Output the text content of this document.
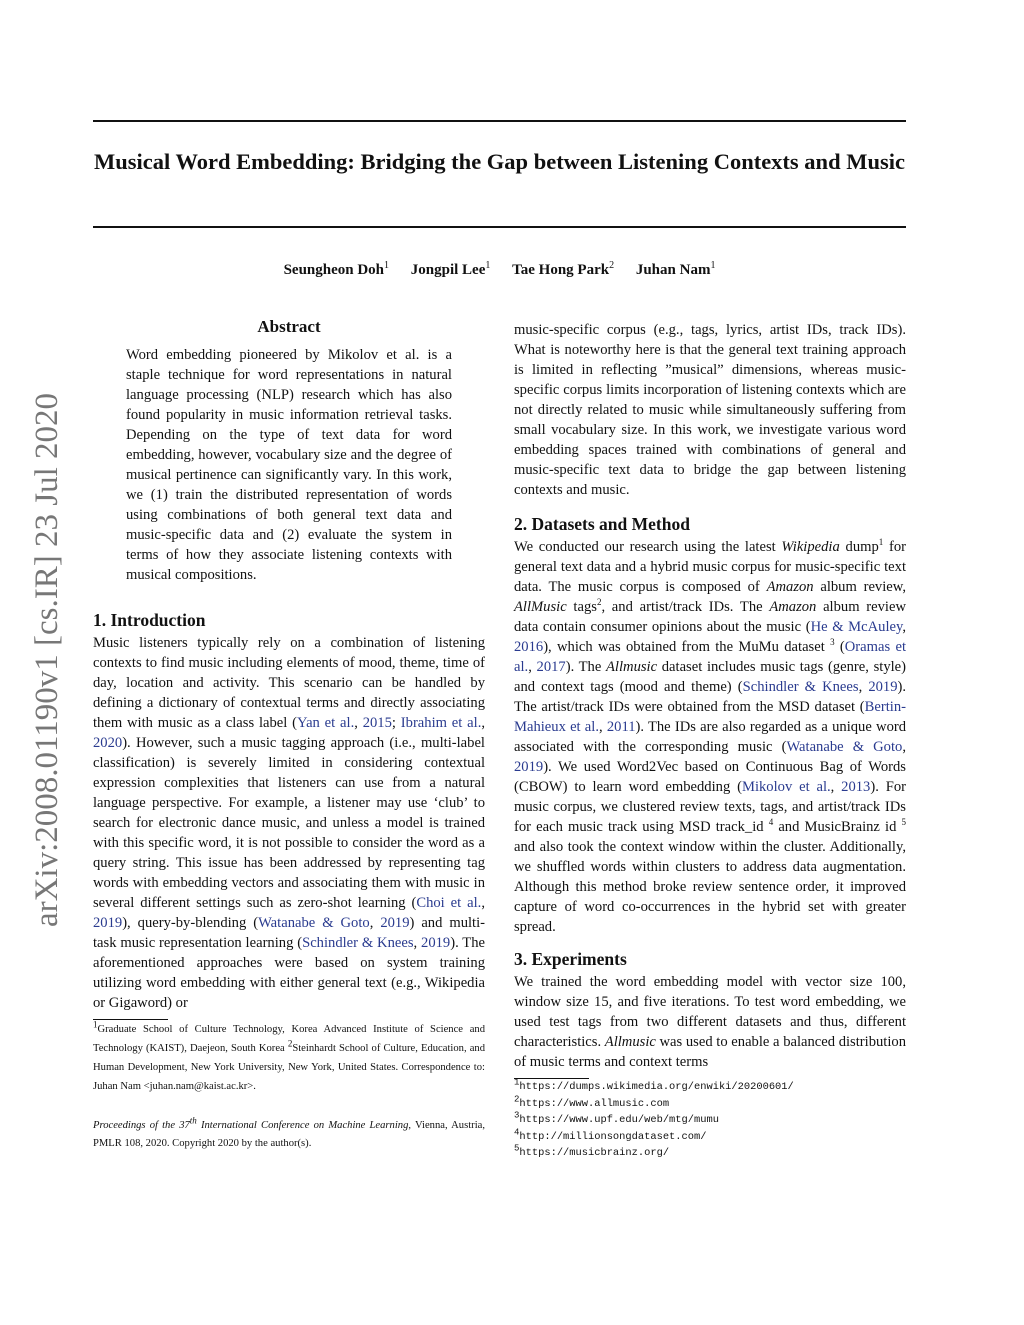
Musical Word Embedding: Bridging the Gap between Listening Contexts and Music
Seungheon Doh$^1$ Jongpil Lee$^1$ Tae Hong Park$^2$ Juhan Nam$^1$
arXiv:2008.01190v1 [cs.IR] 23 Jul 2020

Abstract

Word embedding pioneered by Mikolov et al. is a staple technique for word representations in natural language processing (NLP) research which has also found popularity in music information retrieval tasks. Depending on the type of text data for word embedding, however, vocabulary size and the degree of musical pertinence can significantly vary. In this work, we (1) train the distributed representation of words using combinations of both general text data and music-specific data and (2) evaluate the system in terms of how they associate listening contexts with musical compositions.

1. Introduction

Music listeners typically rely on a combination of listening contexts to find music including elements of mood, theme, time of day, location and activity. This scenario can be handled by defining a dictionary of contextual terms and directly associating them with music as a class label (Yan et al., 2015; Ibrahim et al., 2020). However, such a music tagging approach (i.e., multi-label classification) is severely limited in considering contextual expression complexities that listeners can use from a natural language perspective. For example, a listener may use ‘club’ to search for electronic dance music, and unless a model is trained with this specific word, it is not possible to consider the word as a query string. This issue has been addressed by representing tag words with embedding vectors and associating them with music in several different settings such as zero-shot learning (Choi et al., 2019), query-by-blending (Watanabe & Goto, 2019) and multi-task music representation learning (Schindler & Knees, 2019). The aforementioned approaches were based on system training utilizing word embedding with either general text (e.g., Wikipedia or Gigaword) or

$^1$Graduate School of Culture Technology, Korea Advanced Institute of Science and Technology (KAIST), Daejeon, South Korea $^2$Steinhardt School of Culture, Education, and Human Development, New York University, New York, United States. Correspondence to: Juhan Nam <juhan.nam@kaist.ac.kr>.

Proceedings of the 37th International Conference on Machine Learning, Vienna, Austria, PMLR 108, 2020. Copyright 2020 by the author(s).

music-specific corpus (e.g., tags, lyrics, artist IDs, track IDs). What is noteworthy here is that the general text training approach is limited in reflecting ”musical” dimensions, whereas music-specific corpus limits incorporation of listening contexts which are not directly related to music while simultaneously suffering from small vocabulary size. In this work, we investigate various word embedding spaces trained with combinations of general and music-specific text data to bridge the gap between listening contexts and music.

2. Datasets and Method

We conducted our research using the latest Wikipedia dump$^1$ for general text data and a hybrid music corpus for music-specific text data. The music corpus is composed of Amazon album review, AllMusic tags$^2$, and artist/track IDs. The Amazon album review data contain consumer opinions about the music (He & McAuley, 2016), which was obtained from the MuMu dataset $^3$ (Oramas et al., 2017). The Allmusic dataset includes music tags (genre, style) and context tags (mood and theme) (Schindler & Knees, 2019). The artist/track IDs were obtained from the MSD dataset (Bertin-Mahieux et al., 2011). The IDs are also regarded as a unique word associated with the corresponding music (Watanabe & Goto, 2019). We used Word2Vec based on Continuous Bag of Words (CBOW) to learn word embedding (Mikolov et al., 2013). For music corpus, we clustered review texts, tags, and artist/track IDs for each music track using MSD track_id $^4$ and MusicBrainz id $^5$ and also took the context window within the cluster. Additionally, we shuffled words within clusters to address data augmentation. Although this method broke review sentence order, it improved capture of word co-occurrences in the hybrid set with greater spread.

3. Experiments

We trained the word embedding model with vector size 100, window size 15, and five iterations. To test word embedding, we used test tags from two different datasets and thus, different characteristics. Allmusic was used to enable a balanced distribution of music terms and context terms

$^1$https://dumps.wikimedia.org/enwiki/20200601/
$^2$https://www.allmusic.com
$^3$https://www.upf.edu/web/mtg/mumu
$^4$http://millionsongdataset.com/
$^5$https://musicbrainz.org/
